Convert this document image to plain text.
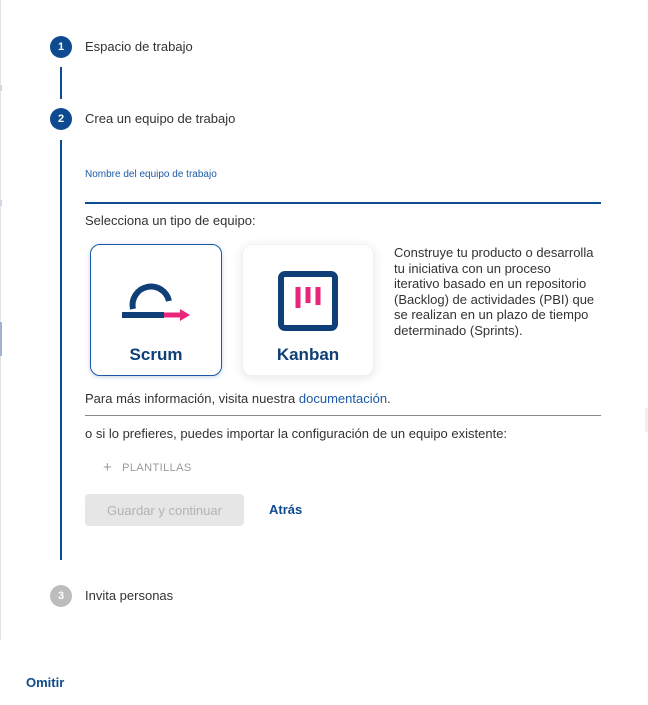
1	Espacio de trabajo
2	Crea un equipo de trabajo
Nombre del equipo de trabajo
Selecciona un tipo de equipo:
Scrum	Kanban
Construye tu producto o desarrolla tu iniciativa con un proceso iterativo basado en un repositorio (Backlog) de actividades (PBI) que se realizan en un plazo de tiempo determinado (Sprints).
Para más información, visita nuestra documentación.
o si lo prefieres, puedes importar la configuración de un equipo existente:
+ PLANTILLAS
Guardar y continuar	Atrás
3	Invita personas
Omitir
